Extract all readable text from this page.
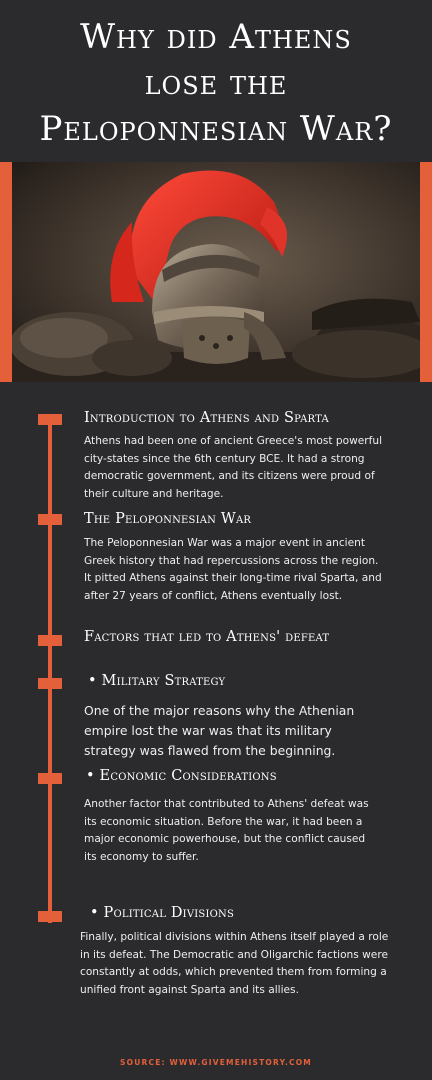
Why did Athens
lose the
Peloponnesian War?
Introduction to Athens and Sparta
Athens had been one of ancient Greece's most powerful city-states since the 6th century BCE. It had a strong democratic government, and its citizens were proud of their culture and heritage.
The Peloponnesian War
The Peloponnesian War was a major event in ancient Greek history that had repercussions across the region. It pitted Athens against their long-time rival Sparta, and after 27 years of conflict, Athens eventually lost.
Factors that led to Athens' defeat
• Military Strategy
One of the major reasons why the Athenian empire lost the war was that its military strategy was flawed from the beginning.
• Economic Considerations
Another factor that contributed to Athens' defeat was its economic situation. Before the war, it had been a major economic powerhouse, but the conflict caused its economy to suffer.
• Political Divisions
Finally, political divisions within Athens itself played a role in its defeat. The Democratic and Oligarchic factions were constantly at odds, which prevented them from forming a unified front against Sparta and its allies.
SOURCE: WWW.GIVEMEHISTORY.COM
